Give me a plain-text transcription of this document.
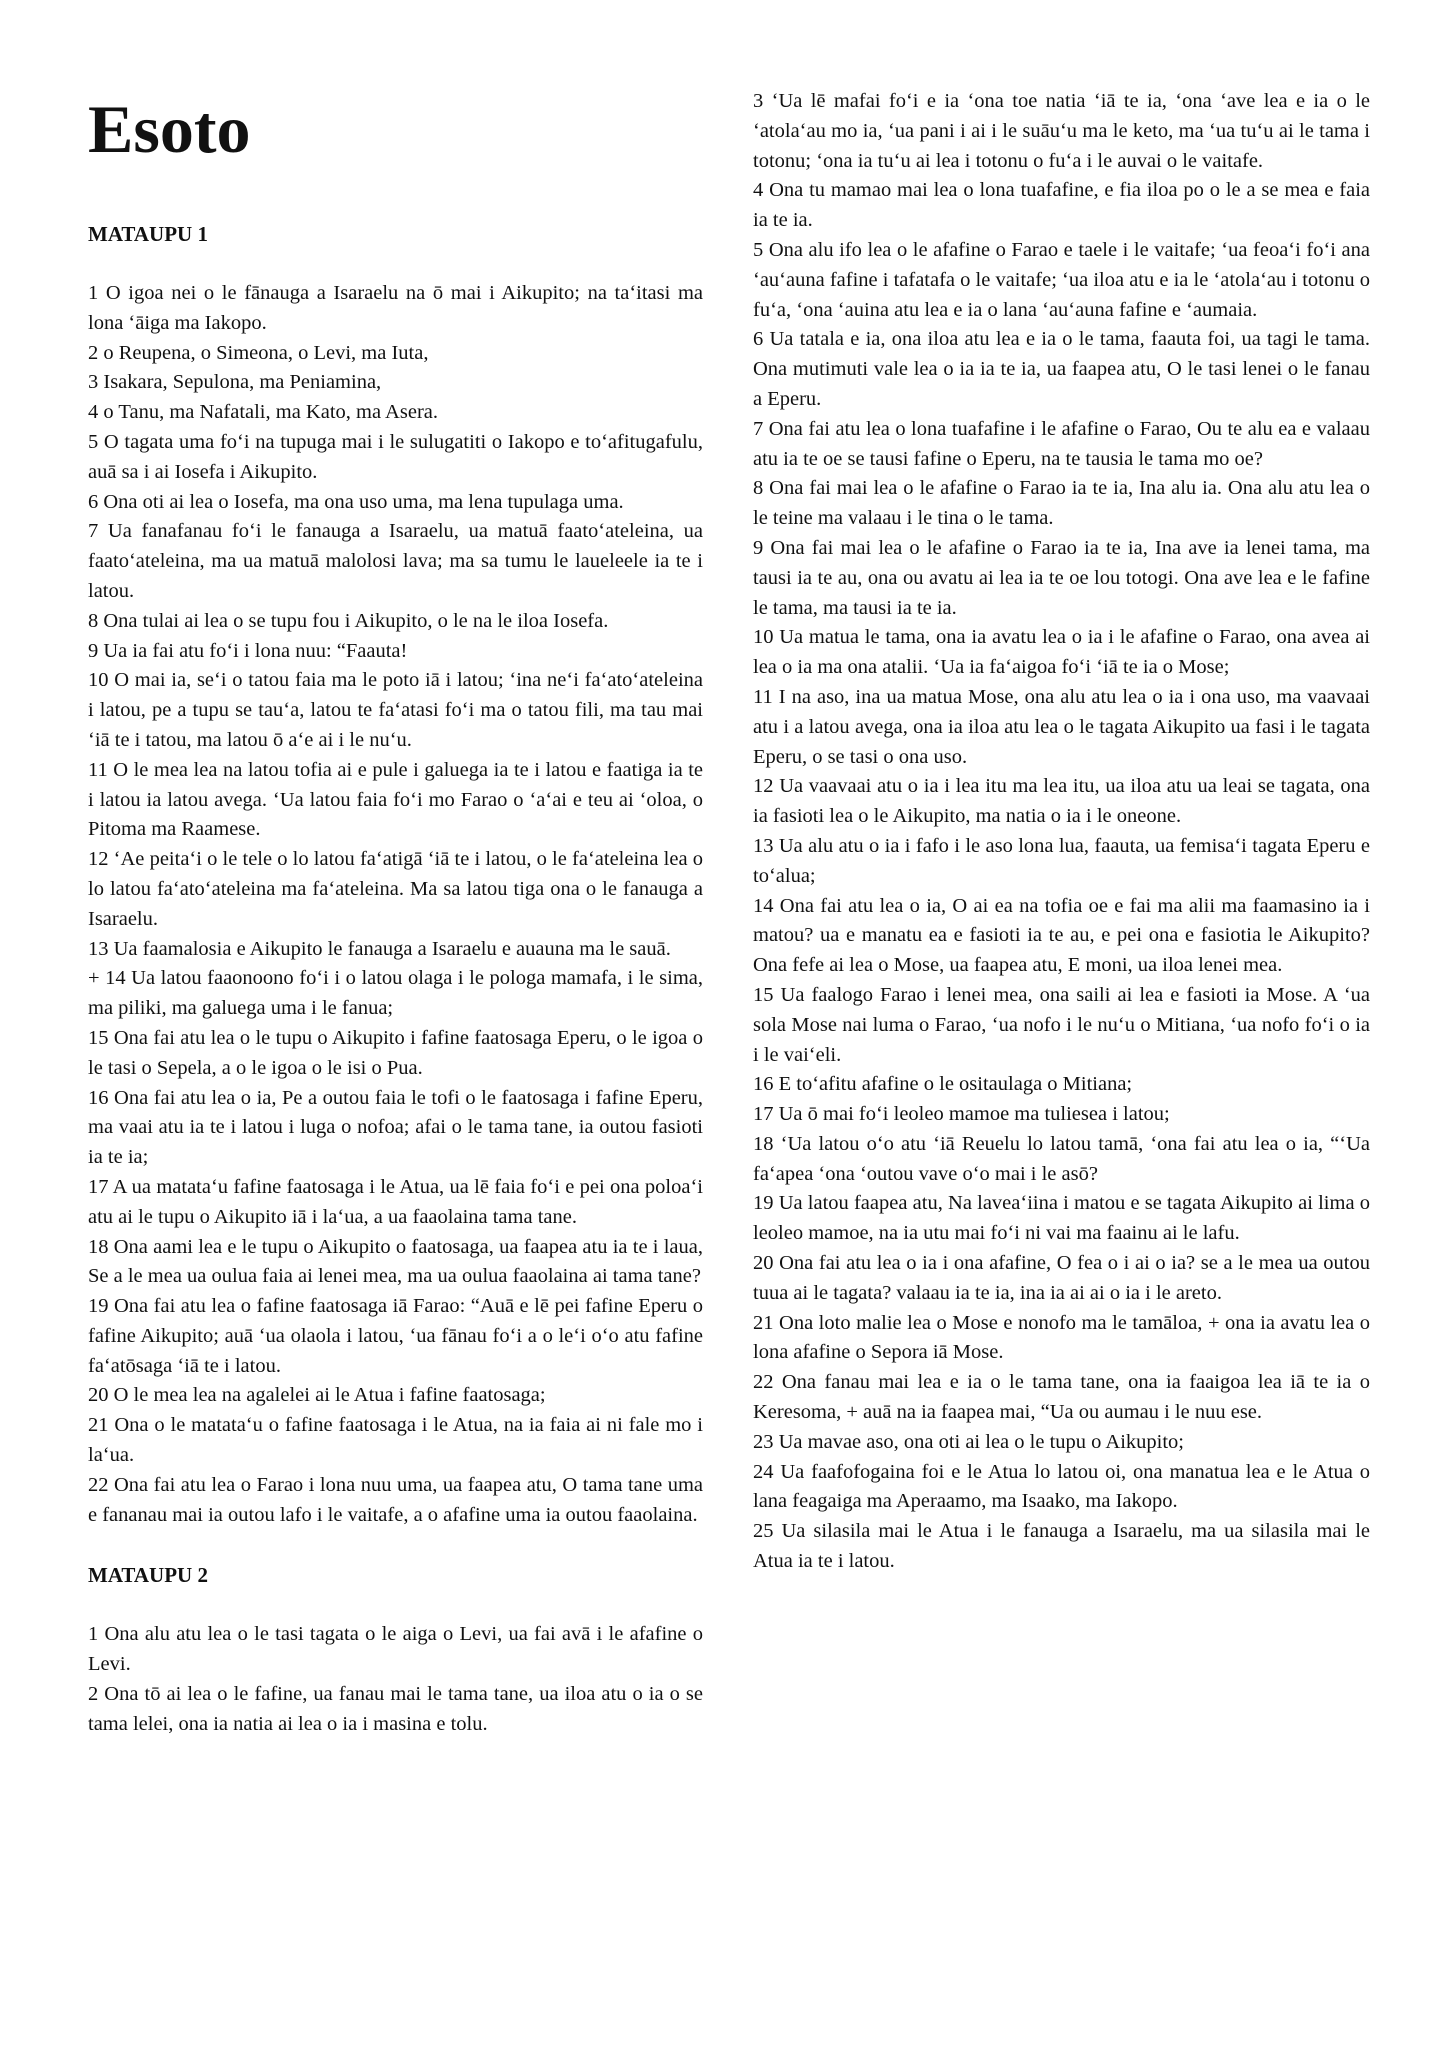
Esoto
MATAUPU 1

1 O igoa nei o le fānauga a Isaraelu na ō mai i Aikupito; na ta‘itasi ma lona ‘āiga ma Iakopo.

2 o Reupena, o Simeona, o Levi, ma Iuta,

3 Isakara, Sepulona, ma Peniamina,

4 o Tanu, ma Nafatali, ma Kato, ma Asera.

5 O tagata uma fo‘i na tupuga mai i le sulugatiti o Iakopo e to‘afitugafulu, auā sa i ai Iosefa i Aikupito.

6 Ona oti ai lea o Iosefa, ma ona uso uma, ma lena tupulaga uma.

7 Ua fanafanau fo‘i le fanauga a Isaraelu, ua matuā faato‘ateleina, ua faato‘ateleina, ma ua matuā malolosi lava; ma sa tumu le laueleele ia te i latou.

8 Ona tulai ai lea o se tupu fou i Aikupito, o le na le iloa Iosefa.

9 Ua ia fai atu fo‘i i lona nuu: “Faauta!

10 O mai ia, se‘i o tatou faia ma le poto iā i latou; ‘ina ne‘i fa‘ato‘ateleina i latou, pe a tupu se tau‘a, latou te fa‘atasi fo‘i ma o tatou fili, ma tau mai ‘iā te i tatou, ma latou ō a‘e ai i le nu‘u.

11 O le mea lea na latou tofia ai e pule i galuega ia te i latou e faatiga ia te i latou ia latou avega. ‘Ua latou faia fo‘i mo Farao o ‘a‘ai e teu ai ‘oloa, o Pitoma ma Raamese.

12 ‘Ae peita‘i o le tele o lo latou fa‘atigā ‘iā te i latou, o le fa‘ateleina lea o lo latou fa‘ato‘ateleina ma fa‘ateleina. Ma sa latou tiga ona o le fanauga a Isaraelu.

13 Ua faamalosia e Aikupito le fanauga a Isaraelu e auauna ma le sauā.

+ 14 Ua latou faaonoono fo‘i i o latou olaga i le pologa mamafa, i le sima, ma piliki, ma galuega uma i le fanua;

15 Ona fai atu lea o le tupu o Aikupito i fafine faatosaga Eperu, o le igoa o le tasi o Sepela, a o le igoa o le isi o Pua.

16 Ona fai atu lea o ia, Pe a outou faia le tofi o le faatosaga i fafine Eperu, ma vaai atu ia te i latou i luga o nofoa; afai o le tama tane, ia outou fasioti ia te ia;

17 A ua matata‘u fafine faatosaga i le Atua, ua lē faia fo‘i e pei ona poloa‘i atu ai le tupu o Aikupito iā i la‘ua, a ua faaolaina tama tane.

18 Ona aami lea e le tupu o Aikupito o faatosaga, ua faapea atu ia te i laua, Se a le mea ua oulua faia ai lenei mea, ma ua oulua faaolaina ai tama tane?

19 Ona fai atu lea o fafine faatosaga iā Farao: “Auā e lē pei fafine Eperu o fafine Aikupito; auā ‘ua olaola i latou, ‘ua fānau fo‘i a o le‘i o‘o atu fafine fa‘atōsaga ‘iā te i latou.

20 O le mea lea na agalelei ai le Atua i fafine faatosaga;

21 Ona o le matata‘u o fafine faatosaga i le Atua, na ia faia ai ni fale mo i la‘ua.

22 Ona fai atu lea o Farao i lona nuu uma, ua faapea atu, O tama tane uma e fananau mai ia outou lafo i le vaitafe, a o afafine uma ia outou faaolaina.

MATAUPU 2

1 Ona alu atu lea o le tasi tagata o le aiga o Levi, ua fai avā i le afafine o Levi.

2 Ona tō ai lea o le fafine, ua fanau mai le tama tane, ua iloa atu o ia o se tama lelei, ona ia natia ai lea o ia i masina e tolu.

3 ‘Ua lē mafai fo‘i e ia ‘ona toe natia ‘iā te ia, ‘ona ‘ave lea e ia o le ‘atola‘au mo ia, ‘ua pani i ai i le suāu‘u ma le keto, ma ‘ua tu‘u ai le tama i totonu; ‘ona ia tu‘u ai lea i totonu o fu‘a i le auvai o le vaitafe.

4 Ona tu mamao mai lea o lona tuafafine, e fia iloa po o le a se mea e faia ia te ia.

5 Ona alu ifo lea o le afafine o Farao e taele i le vaitafe; ‘ua feoa‘i fo‘i ana ‘au‘auna fafine i tafatafa o le vaitafe; ‘ua iloa atu e ia le ‘atola‘au i totonu o fu‘a, ‘ona ‘auina atu lea e ia o lana ‘au‘auna fafine e ‘aumaia.

6 Ua tatala e ia, ona iloa atu lea e ia o le tama, faauta foi, ua tagi le tama. Ona mutimuti vale lea o ia ia te ia, ua faapea atu, O le tasi lenei o le fanau a Eperu.

7 Ona fai atu lea o lona tuafafine i le afafine o Farao, Ou te alu ea e valaau atu ia te oe se tausi fafine o Eperu, na te tausia le tama mo oe?

8 Ona fai mai lea o le afafine o Farao ia te ia, Ina alu ia. Ona alu atu lea o le teine ma valaau i le tina o le tama.

9 Ona fai mai lea o le afafine o Farao ia te ia, Ina ave ia lenei tama, ma tausi ia te au, ona ou avatu ai lea ia te oe lou totogi. Ona ave lea e le fafine le tama, ma tausi ia te ia.

10 Ua matua le tama, ona ia avatu lea o ia i le afafine o Farao, ona avea ai lea o ia ma ona atalii. ‘Ua ia fa‘aigoa fo‘i ‘iā te ia o Mose;

11 I na aso, ina ua matua Mose, ona alu atu lea o ia i ona uso, ma vaavaai atu i a latou avega, ona ia iloa atu lea o le tagata Aikupito ua fasi i le tagata Eperu, o se tasi o ona uso.

12 Ua vaavaai atu o ia i lea itu ma lea itu, ua iloa atu ua leai se tagata, ona ia fasioti lea o le Aikupito, ma natia o ia i le oneone.

13 Ua alu atu o ia i fafo i le aso lona lua, faauta, ua femisa‘i tagata Eperu e to‘alua;

14 Ona fai atu lea o ia, O ai ea na tofia oe e fai ma alii ma faamasino ia i matou? ua e manatu ea e fasioti ia te au, e pei ona e fasiotia le Aikupito? Ona fefe ai lea o Mose, ua faapea atu, E moni, ua iloa lenei mea.

15 Ua faalogo Farao i lenei mea, ona saili ai lea e fasioti ia Mose. A ‘ua sola Mose nai luma o Farao, ‘ua nofo i le nu‘u o Mitiana, ‘ua nofo fo‘i o ia i le vai‘eli.

16 E to‘afitu afafine o le ositaulaga o Mitiana;

17 Ua ō mai fo‘i leoleo mamoe ma tuliesea i latou;

18 ‘Ua latou o‘o atu ‘iā Reuelu lo latou tamā, ‘ona fai atu lea o ia, “‘Ua fa‘apea ‘ona ‘outou vave o‘o mai i le asō?

19 Ua latou faapea atu, Na lavea‘iina i matou e se tagata Aikupito ai lima o leoleo mamoe, na ia utu mai fo‘i ni vai ma faainu ai le lafu.

20 Ona fai atu lea o ia i ona afafine, O fea o i ai o ia? se a le mea ua outou tuua ai le tagata? valaau ia te ia, ina ia ai ai o ia i le areto.

21 Ona loto malie lea o Mose e nonofo ma le tamāloa, + ona ia avatu lea o lona afafine o Sepora iā Mose.

22 Ona fanau mai lea e ia o le tama tane, ona ia faaigoa lea iā te ia o Keresoma, + auā na ia faapea mai, “Ua ou aumau i le nuu ese.

23 Ua mavae aso, ona oti ai lea o le tupu o Aikupito;

24 Ua faafofogaina foi e le Atua lo latou oi, ona manatua lea e le Atua o lana feagaiga ma Aperaamo, ma Isaako, ma Iakopo.

25 Ua silasila mai le Atua i le fanauga a Isaraelu, ma ua silasila mai le Atua ia te i latou.
